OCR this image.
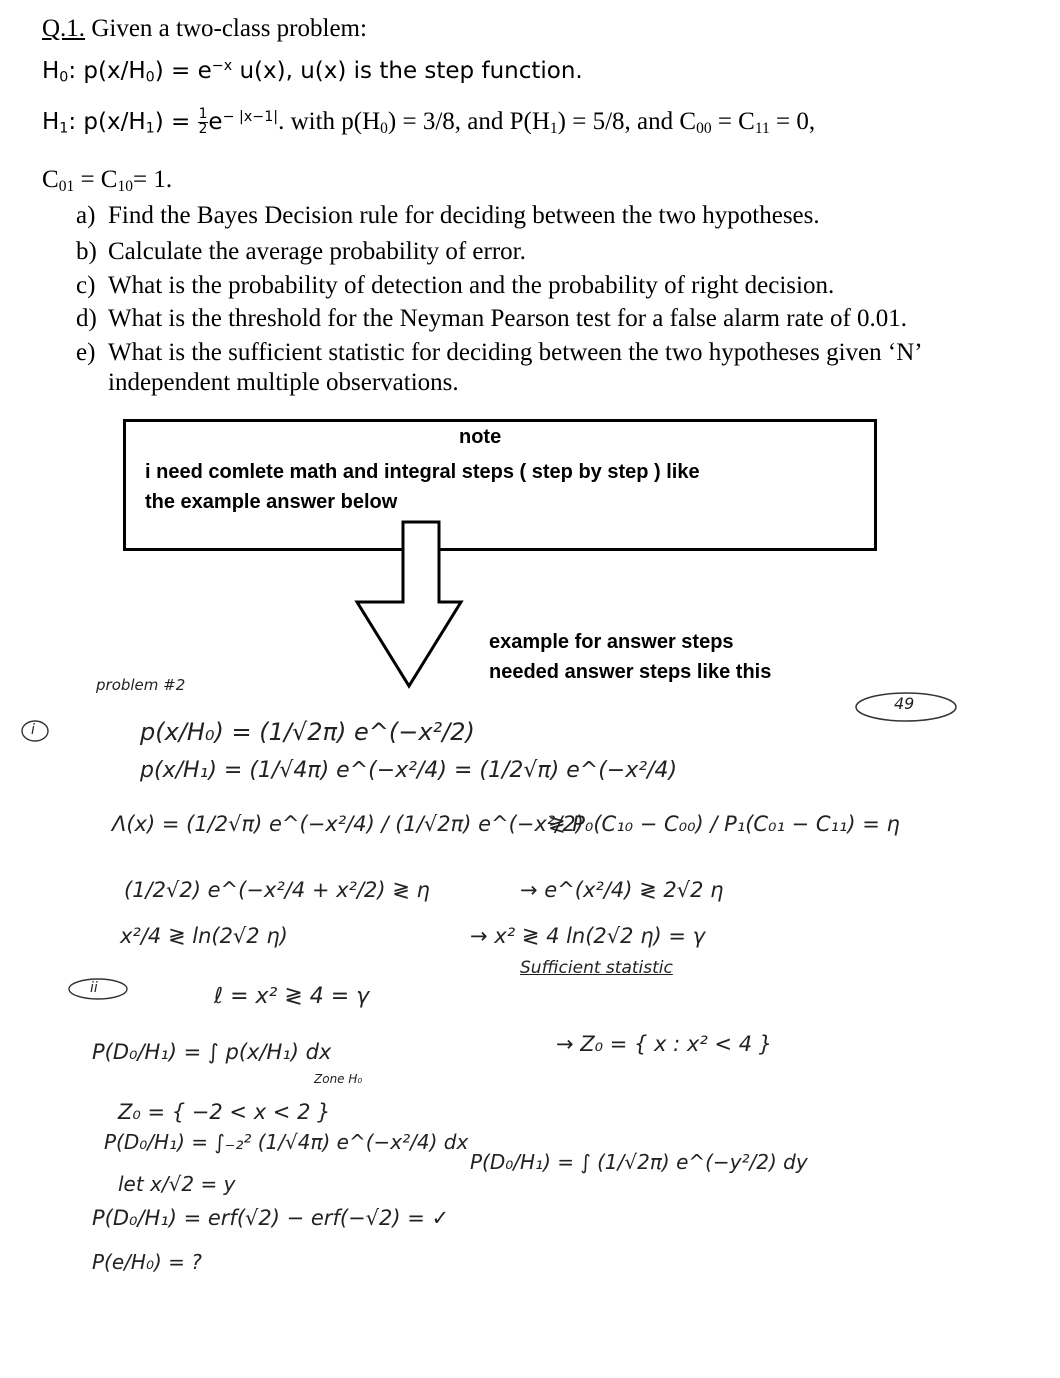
Q.1. Given a two-class problem:
$H_0$: $p(x/H_0) = e^{-x}$ u(x), u(x) is the step function.
$H_1$: $p(x/H_1) = \frac{1}{2} e^{- |x-1|}$. with $p(H_0) = 3/8$, and $P(H_1) = 5/8$, and $C_{00} = C_{11} = 0$,
$C_{01} = C_{10}= 1$.
a) Find the Bayes Decision rule for deciding between the two hypotheses.
b) Calculate the average probability of error.
c) What is the probability of detection and the probability of right decision.
d) What is the threshold for the Neyman Pearson test for a false alarm rate of 0.01.
e) What is the sufficient statistic for deciding between the two hypotheses given ‘N’
independent multiple observations.
note
i need comlete math and integral steps ( step by step ) like
the example answer below
example for answer steps
needed answer steps like this
problem #2
49
i	p(x/H₀) = (1/√2π) e^(−x²/2)
p(x/H₁) = (1/√4π) e^(−x²/4) = (1/2√π) e^(−x²/4)
Λ(x) = (1/2√π) e^(−x²/4) / (1/√2π) e^(−x²/2)
≷ P₀(C₁₀ − C₀₀) / P₁(C₀₁ − C₁₁) = η
(1/2√2) e^(−x²/4 + x²/2) ≷ η	→ e^(x²/4) ≷ 2√2 η
x²/4 ≷ ln(2√2 η)	→ x² ≷ 4 ln(2√2 η) = γ
Sufficient statistic
ii	ℓ = x² ≷ 4 = γ
P(D₀/H₁) = ∫ p(x/H₁) dx	→ Z₀ = { x : x² < 4 }
Zone H₀
Z₀ = { −2 < x < 2 }
P(D₀/H₁) = ∫₋₂² (1/√4π) e^(−x²/4) dx
P(D₀/H₁) = ∫ (1/√2π) e^(−y²/2) dy
let x/√2 = y
P(D₀/H₁) = erf(√2) − erf(−√2) = ✓
P(e/H₀) = ?
